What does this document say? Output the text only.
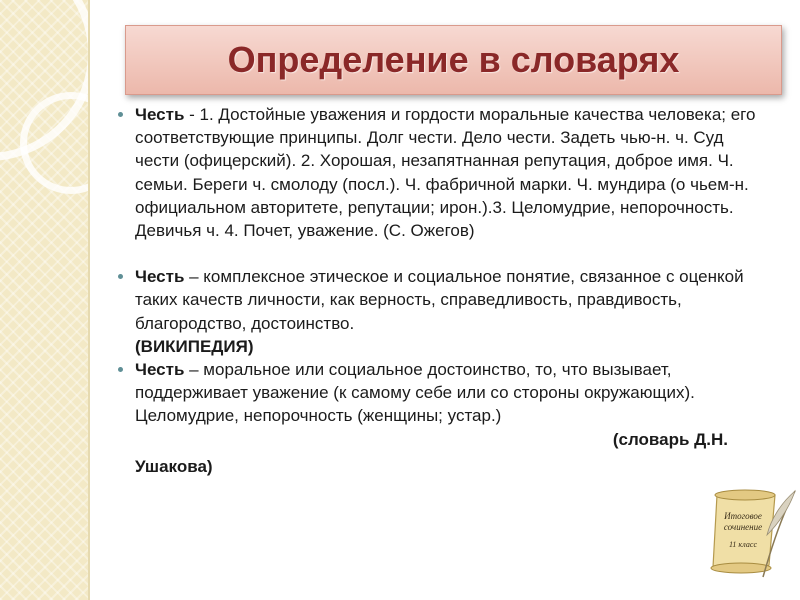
Определение в словарях
Честь - 1. Достойные уважения и гордости моральные качества человека; его соответствующие принципы. Долг чести. Дело чести. Задеть чью-н. ч. Суд чести (офицерский). 2. Хорошая, незапятнанная репутация, доброе имя. Ч. семьи. Береги ч. смолоду (посл.). Ч. фабричной марки. Ч. мундира (о чьем-н. официальном авторитете, репутации; ирон.).3. Целомудрие, непорочность. Девичья ч. 4. Почет, уважение. (С. Ожегов)
Честь – комплексное этическое и социальное понятие, связанное с оценкой таких качеств личности, как верность, справедливость, правдивость, благородство, достоинство.
(ВИКИПЕДИЯ)
Честь – моральное или социальное достоинство, то, что вызывает, поддерживает уважение (к самому себе или со стороны окружающих). Целомудрие, непорочность (женщины; устар.)
(словарь Д.Н.
Ушакова)
Итоговое
сочинение
11 класс
